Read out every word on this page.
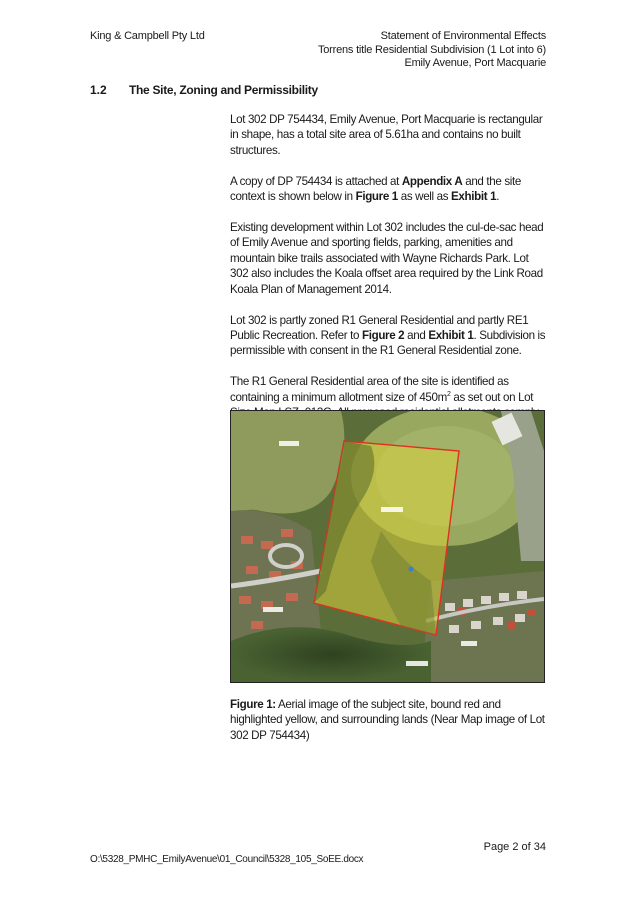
King & Campbell Pty Ltd	Statement of Environmental Effects
Torrens title Residential Subdivision (1 Lot into 6)
Emily Avenue, Port Macquarie
1.2 The Site, Zoning and Permissibility

Lot 302 DP 754434, Emily Avenue, Port Macquarie is rectangular in shape, has a total site area of 5.61ha and contains no built structures.

A copy of DP 754434 is attached at Appendix A and the site context is shown below in Figure 1 as well as Exhibit 1.

Existing development within Lot 302 includes the cul-de-sac head of Emily Avenue and sporting fields, parking, amenities and mountain bike trails associated with Wayne Richards Park. Lot 302 also includes the Koala offset area required by the Link Road Koala Plan of Management 2014.

Lot 302 is partly zoned R1 General Residential and partly RE1 Public Recreation. Refer to Figure 2 and Exhibit 1. Subdivision is permissible with consent in the R1 General Residential zone.

The R1 General Residential area of the site is identified as containing a minimum allotment size of $450m^2$ as set out on Lot

Figure 1: Aerial image of the subject site, bound red and highlighted yellow, and surrounding lands (Near Map image of Lot 302 DP 754434)
Page 2 of 34
O:\5328_PMHC_EmilyAvenue\01_Council\5328_105_SoEE.docx
